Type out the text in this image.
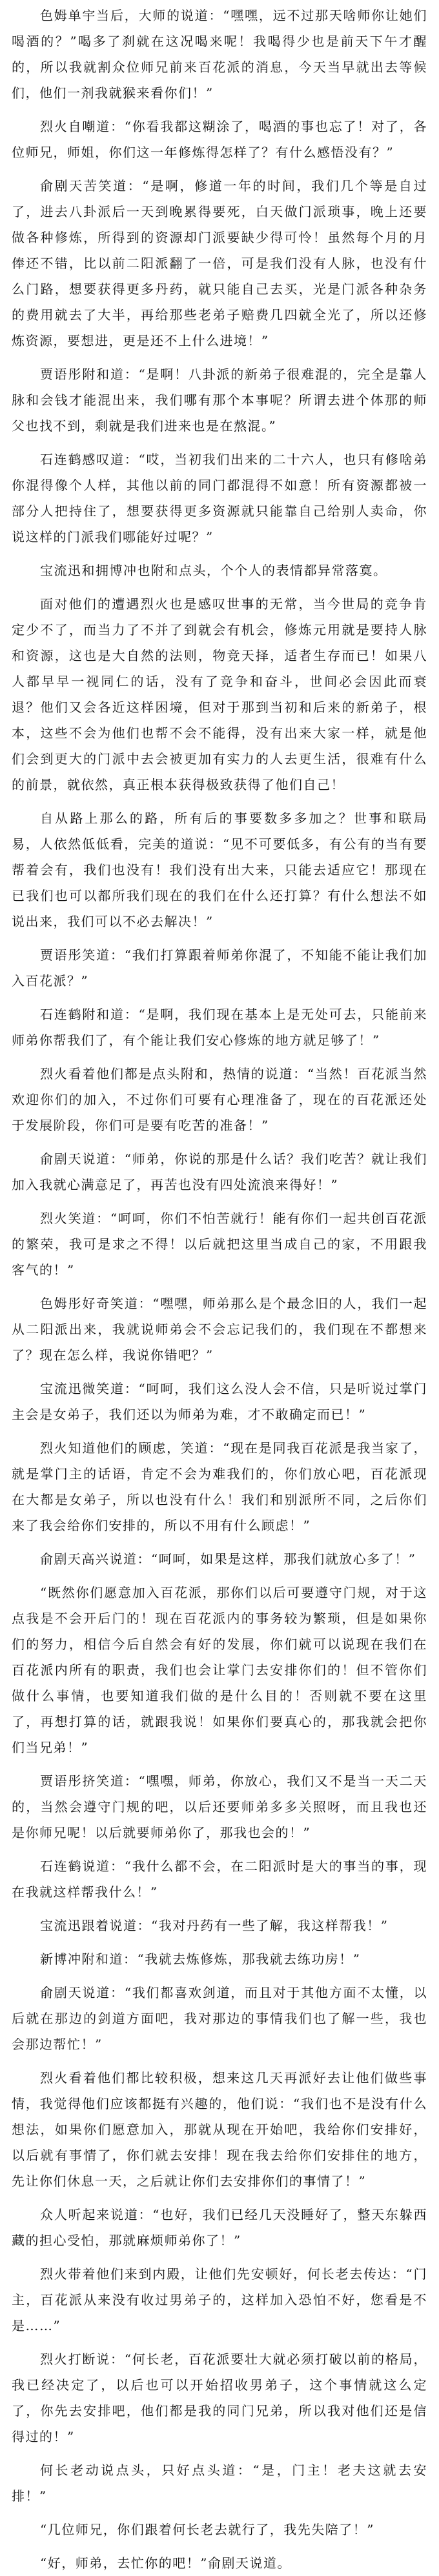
色姆单宇当后，大师的说道：“嘿嘿，远不过那天啥师你让她们喝酒的？”喝多了刹就在这况喝来呢！我喝得少也是前天下午才醒的，所以我就割众位师兄前来百花派的消息，今天当早就出去等候们，他们一剂我就猴来看你们！”

烈火自嘲道：“你看我都这糊涂了，喝酒的事也忘了！对了，各位师兄，师姐，你们这一年修炼得怎样了？有什么感悟没有？”

俞剧天苦笑道：“是啊，修道一年的时间，我们几个等是自过了，进去八卦派后一天到晚累得要死，白天做门派琐事，晚上还要做各种修炼，所得到的资源却门派要缺少得可怜！虽然每个月的月俸还不错，比以前二阳派翻了一倍，可是我们没有人脉，也没有什么门路，想要获得更多丹药，就只能自己去买，光是门派各种杂务的费用就去了大半，再给那些老弟子赔费几四就全光了，所以还修炼资源，要想进，更是还不上什么进境！”

贾语彤附和道：“是啊！八卦派的新弟子很难混的，完全是靠人脉和会钱才能混出来，我们哪有那个本事呢？所谓去进个体那的师父也找不到，剩就是我们进来也是在熬混。”

石连鹤感叹道：“哎，当初我们出来的二十六人，也只有修啥弟你混得像个人样，其他以前的同门都混得不如意！所有资源都被一部分人把持住了，想要获得更多资源就只能靠自己给别人卖命，你说这样的门派我们哪能好过呢？”

宝流迅和拥博冲也附和点头，个个人的表情都异常落寞。

面对他们的遭遇烈火也是感叹世事的无常，当今世局的竞争肯定少不了，而当力了不并了到就会有机会，修炼元用就是要持人脉和资源，这也是大自然的法则，物竞天择，适者生存而已！如果八人都早早一视同仁的话，没有了竞争和奋斗，世间必会因此而衰退？他们又会各近这样困境，但对于那到当初和后来的新弟子，根本，这些不会为他们也帮不会不能得，没有出来大家一样，就是他们会到更大的门派中去会被更加有实力的人去更生活，很难有什么的前景，就依然，真正根本获得极致获得了他们自己！

自从路上那么的路，所有后的事要数多多加之？世事和联局易，人依然低低看，完美的道说：“见不可要低多，有公有的当有要帮着会有，我们也没有！我们没有出大来，只能去适应它！那现在已我们也可以都所我们现在的我们在什么还打算？有什么想法不如说出来，我们可以不必去解决！”

贾语彤笑道：“我们打算跟着师弟你混了，不知能不能让我们加入百花派？”

石连鹤附和道：“是啊，我们现在基本上是无处可去，只能前来师弟你帮我们了，有个能让我们安心修炼的地方就足够了！”

烈火看着他们都是点头附和，热情的说道：“当然！百花派当然欢迎你们的加入，不过你们可要有心理准备了，现在的百花派还处于发展阶段，你们可是要有吃苦的准备！”

俞剧天说道：“师弟，你说的那是什么话？我们吃苦？就让我们加入我就心满意足了，再苦也没有四处流浪来得好！”

烈火笑道：“呵呵，你们不怕苦就行！能有你们一起共创百花派的繁荣，我可是求之不得！以后就把这里当成自己的家，不用跟我客气的！”

色姆彤好奇笑道：“嘿嘿，师弟那么是个最念旧的人，我们一起从二阳派出来，我就说师弟会不会忘记我们的，我们现在不都想来了？现在怎么样，我说你错吧？”

宝流迅微笑道：“呵呵，我们这么没人会不信，只是听说过掌门主会是女弟子，我们还以为师弟为难，才不敢确定而已！”

烈火知道他们的顾虑，笑道：“现在是同我百花派是我当家了，就是掌门主的话语，肯定不会为难我们的，你们放心吧，百花派现在大都是女弟子，所以也没有什么！我们和别派所不同，之后你们来了我会给你们安排的，所以不用有什么顾虑！”

俞剧天高兴说道：“呵呵，如果是这样，那我们就放心多了！”

“既然你们愿意加入百花派，那你们以后可要遵守门规，对于这点我是不会开后门的！现在百花派内的事务较为繁琐，但是如果你们的努力，相信今后自然会有好的发展，你们就可以说现在我们在百花派内所有的职责，我们也会让掌门去安排你们的！但不管你们做什么事情，也要知道我们做的是什么目的！否则就不要在这里了，再想打算的话，就跟我说！如果你们要真心的，那我就会把你们当兄弟！”

贾语彤挤笑道：“嘿嘿，师弟，你放心，我们又不是当一天二天的，当然会遵守门规的吧，以后还要师弟多多关照呀，而且我也还是你师兄呢！以后就要师弟你了，那我也会的！”

石连鹤说道：“我什么都不会，在二阳派时是大的事当的事，现在我就这样帮我什么！”

宝流迅跟着说道：“我对丹药有一些了解，我这样帮我！”

新博冲附和道：“我就去炼修炼，那我就去练功房！”

俞剧天说道：“我们都喜欢剑道，而且对于其他方面不太懂，以后就在那边的剑道方面吧，我对那边的事情我们也了解一些，我也会那边帮忙！”

烈火看着他们都比较积极，想来这几天再派好去让他们做些事情，我觉得他们应该都挺有兴趣的，他们说：“我们也不是没有什么想法，如果你们愿意加入，那就从现在开始吧，我给你们安排好，以后就有事情了，你们就去安排！现在我去给你们安排住的地方，先让你们休息一天，之后就让你们去安排你们的事情了！”

众人听起来说道：“也好，我们已经几天没睡好了，整天东躲西藏的担心受怕，那就麻烦师弟你了！”

烈火带着他们来到内殿，让他们先安顿好，何长老去传达：“门主，百花派从来没有收过男弟子的，这样加入恐怕不好，您看是不是……”

烈火打断说：“何长老，百花派要壮大就必须打破以前的格局，我已经决定了，以后也可以开始招收男弟子，这个事情就这么定了，你先去安排吧，他们都是我的同门兄弟，所以我对他们还是信得过的！”

何长老动说点头，只好点头道：“是，门主！老夫这就去安排！”

“几位师兄，你们跟着何长老去就行了，我先失陪了！”

“好，师弟，去忙你的吧！”俞剧天说道。
